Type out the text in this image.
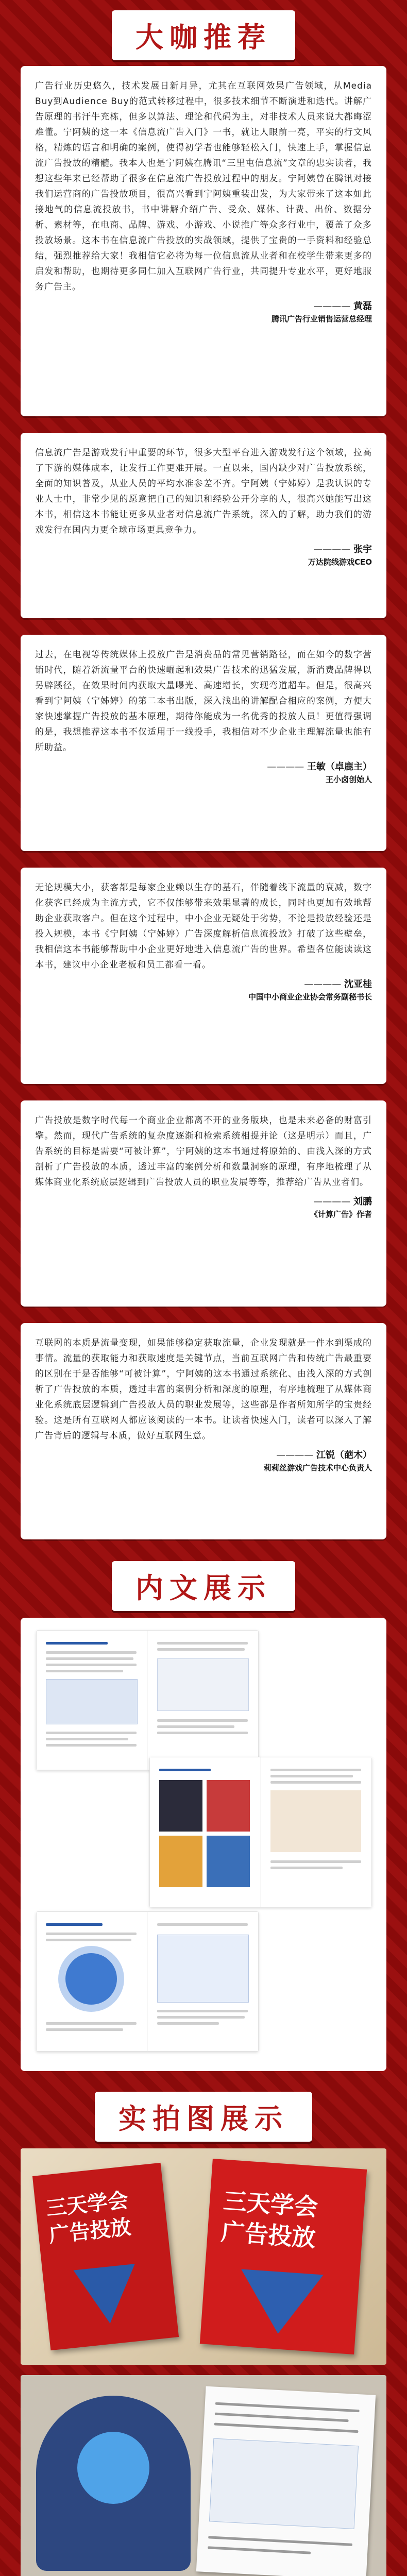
大咖推荐
广告行业历史悠久，技术发展日新月异，尤其在互联网效果广告领域，从Media Buy到Audience Buy的范式转移过程中，很多技术细节不断演进和迭代。讲解广告原理的书汗牛充栋，但多以算法、理论和代码为主，对非技术人员来说大都晦涩难懂。宁阿姨的这一本《信息流广告入门》一书，就让人眼前一亮，平实的行文风格，精炼的语言和明确的案例，使得初学者也能够轻松入门，快速上手，掌握信息流广告投放的精髓。我本人也是宁阿姨在腾讯“三里屯信息流”文章的忠实读者，我想这些年来已经帮助了很多在信息流广告投放过程中的朋友。宁阿姨曾在腾讯对接我们运营商的广告投放项目，很高兴看到宁阿姨重装出发，为大家带来了这本如此接地气的信息流投放书，书中讲解介绍广告、受众、媒体、计费、出价、数据分析、素材等，在电商、品牌、游戏、小游戏、小说推广等众多行业中，覆盖了众多投放场景。这本书在信息流广告投放的实战领域，提供了宝贵的一手资料和经验总结，强烈推荐给大家！我相信它必将为每一位信息流从业者和在校学生带来更多的启发和帮助，也期待更多同仁加入互联网广告行业，共同提升专业水平，更好地服务广告主。
———— 黄磊
腾讯广告行业销售运营总经理
信息流广告是游戏发行中重要的环节，很多大型平台进入游戏发行这个领域，拉高了下游的媒体成本，让发行工作更难开展。一直以来，国内缺少对广告投放系统，全面的知识普及，从业人员的平均水准参差不齐。宁阿姨（宁姊婷）是我认识的专业人士中，非常少见的愿意把自己的知识和经验公开分享的人，很高兴她能写出这本书，相信这本书能让更多从业者对信息流广告系统，深入的了解，助力我们的游戏发行在国内力更全球市场更具竞争力。
———— 张宇
万达院线游戏CEO
过去，在电视等传统媒体上投放广告是消费品的常见营销路径，而在如今的数字营销时代，随着新流量平台的快速崛起和效果广告技术的迅猛发展，新消费品牌得以另辟蹊径，在效果时间内获取大量曝光、高速增长，实现弯道超车。但是，很高兴看到宁阿姨（宁姊婷）的第二本书出版，深入浅出的讲解配合相应的案例，方便大家快速掌握广告投放的基本原理，期待你能成为一名优秀的投放人员！更值得强调的是，我想推荐这本书不仅适用于一线投手，我相信对不少企业主理解流量也能有所助益。
———— 王敏（卓鹿主）
王小卤创始人
无论规模大小，获客都是每家企业赖以生存的基石，伴随着线下流量的衰减，数字化获客已经成为主流方式，它不仅能够带来效果显著的成长，同时也更加有效地帮助企业获取客户。但在这个过程中，中小企业无疑处于劣势，不论是投放经验还是投入规模，本书《宁阿姨（宁姊婷）广告深度解析信息流投放》打破了这些壁垒，我相信这本书能够帮助中小企业更好地进入信息流广告的世界。希望各位能读读这本书，建议中小企业老板和员工都看一看。
———— 沈亚桂
中国中小商业企业协会常务副秘书长
广告投放是数字时代每一个商业企业都离不开的业务版块，也是未来必备的财富引擎。然而，现代广告系统的复杂度逐渐和检索系统相提并论（这是明示）而且，广告系统的目标是需要“可被计算”，宁阿姨的这本书通过将原始的、由浅入深的方式剖析了广告投放的本质，透过丰富的案例分析和数量洞察的原理，有序地梳理了从媒体商业化系统底层逻辑到广告投放人员的职业发展等等，推荐给广告从业者们。
———— 刘鹏
《计算广告》作者
互联网的本质是流量变现，如果能够稳定获取流量，企业发现就是一件水到渠成的事情。流量的获取能力和获取速度是关键节点，当前互联网广告和传统广告最重要的区别在于是否能够“可被计算”，宁阿姨的这本书通过系统化、由浅入深的方式剖析了广告投放的本质，透过丰富的案例分析和深度的原理，有序地梳理了从媒体商业化系统底层逻辑到广告投放人员的职业发展等，这些都是作者所知所学的宝贵经验。这是所有互联网人都应该阅读的一本书。让读者快速入门，读者可以深入了解广告背后的逻辑与本质，做好互联网生意。
———— 江锐（葩木）
莉莉丝游戏广告技术中心负责人
内文展示
实拍图展示
三天学会
广告投放
三天学会
广告投放
